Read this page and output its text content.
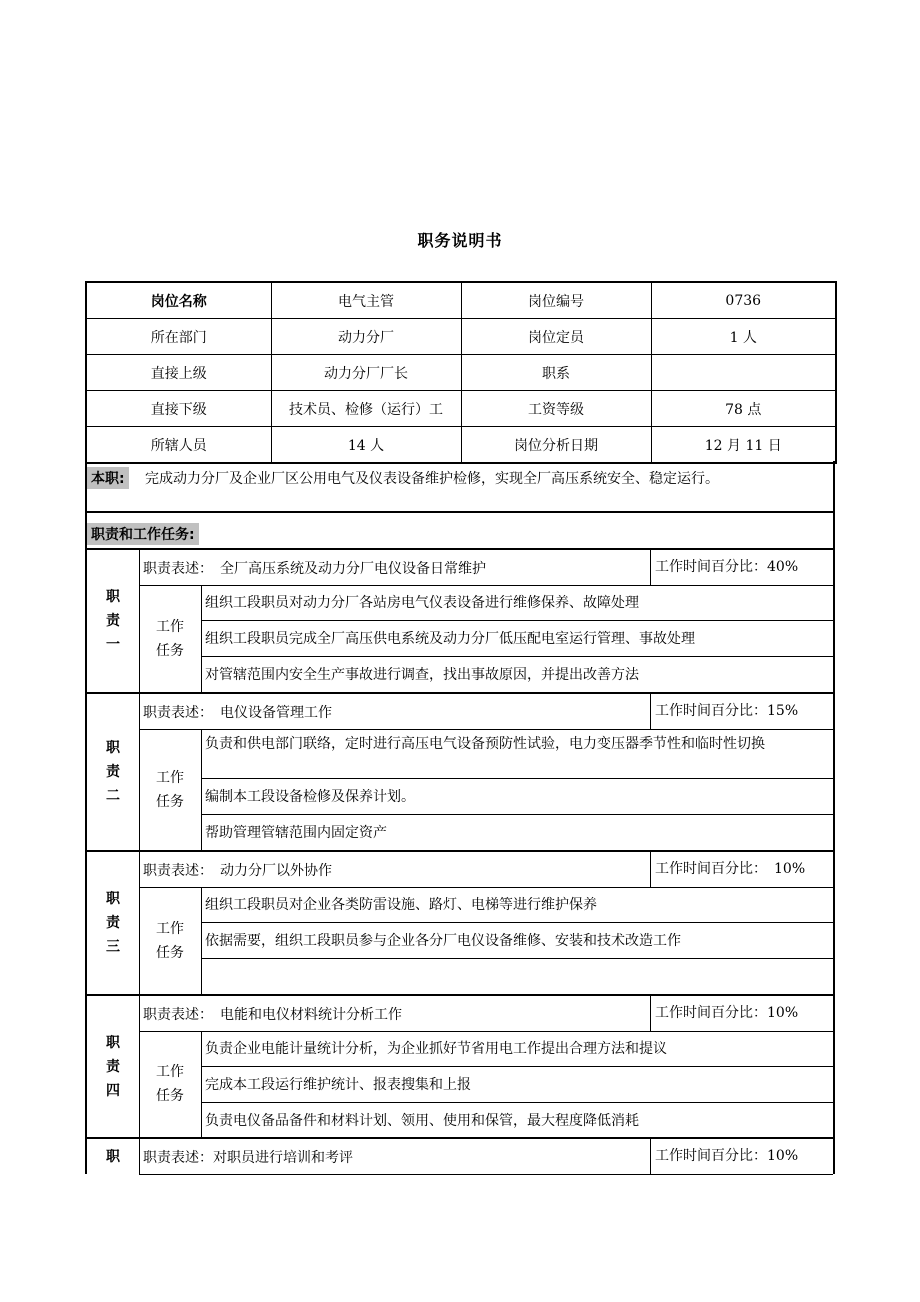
职务说明书
岗位名称	电气主管	岗位编号	0736
所在部门	动力分厂	岗位定员	1 人
直接上级	动力分厂厂长	职系	
直接下级	技术员、检修（运行）工	工资等级	78 点
所辖人员	14 人	岗位分析日期	12 月 11 日
本职: 完成动力分厂及企业厂区公用电气及仪表设备维护检修，实现全厂高压系统安全、稳定运行。
职责和工作任务:
职
责
一
职责表述：　全厂高压系统及动力分厂电仪设备日常维护	工作时间百分比：40%
工作
任务
组织工段职员对动力分厂各站房电气仪表设备进行维修保养、故障处理
组织工段职员完成全厂高压供电系统及动力分厂低压配电室运行管理、事故处理
对管辖范围内安全生产事故进行调查，找出事故原因，并提出改善方法
职
责
二
职责表述：　电仪设备管理工作	工作时间百分比：15%
工作
任务
负责和供电部门联络，定时进行高压电气设备预防性试验，电力变压器季节性和临时性切换
编制本工段设备检修及保养计划。
帮助管理管辖范围内固定资产
职
责
三
职责表述：　动力分厂以外协作	工作时间百分比：　10%
工作
任务
组织工段职员对企业各类防雷设施、路灯、电梯等进行维护保养
依据需要，组织工段职员参与企业各分厂电仪设备维修、安装和技术改造工作
职
责
四
职责表述：　电能和电仪材料统计分析工作	工作时间百分比：10%
工作
任务
负责企业电能计量统计分析，为企业抓好节省用电工作提出合理方法和提议
完成本工段运行维护统计、报表搜集和上报
负责电仪备品备件和材料计划、领用、使用和保管，最大程度降低消耗
职 职责表述：对职员进行培训和考评	工作时间百分比：10%
